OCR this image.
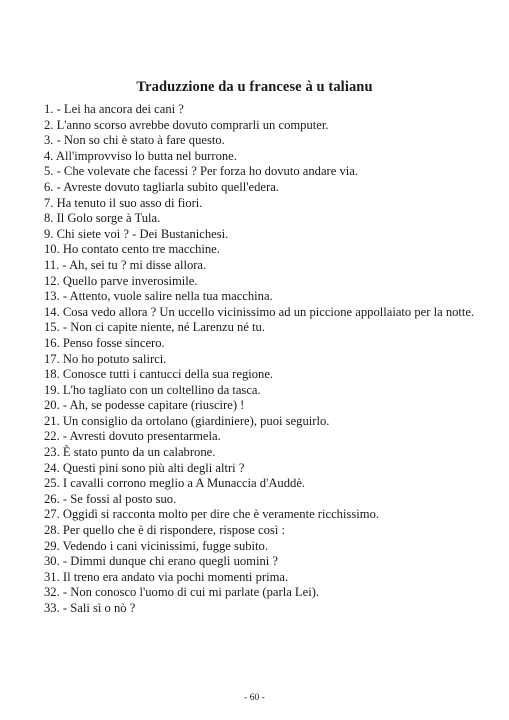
Traduzzione da u francese à u talianu
1. - Lei ha ancora dei cani ?
2. L'anno scorso avrebbe dovuto comprarli un computer.
3. - Non so chi è stato à fare questo.
4. All'improvviso lo butta nel burrone.
5. - Che volevate che facessi ? Per forza ho dovuto andare via.
6. - Avreste dovuto tagliarla subito quell'edera.
7. Ha tenuto il suo asso di fiori.
8. Il Golo sorge à Tula.
9. Chi siete voi ? - Dei Bustanichesi.
10. Ho contato cento tre macchine.
11. - Ah, sei tu ? mi disse allora.
12. Quello parve inverosimile.
13. - Attento, vuole salire nella tua macchina.
14. Cosa vedo allora ? Un uccello vicinissimo ad un piccione appollaiato per la notte.
15. - Non ci capite niente, né Larenzu né tu.
16. Penso fosse sincero.
17. No ho potuto salirci.
18. Conosce tutti i cantucci della sua regione.
19. L'ho tagliato con un coltellino da tasca.
20. - Ah, se podesse capitare (riuscire) !
21. Un consiglio da ortolano (giardiniere), puoi seguirlo.
22. - Avresti dovuto presentarmela.
23. È stato punto da un calabrone.
24. Questi pini sono più alti degli altri ?
25. I cavalli corrono meglio a A Munaccia d'Auddè.
26. - Se fossi al posto suo.
27. Oggidì si racconta molto per dire che è veramente ricchissimo.
28. Per quello che è di rispondere, rispose così :
29. Vedendo i cani vicinissimi, fugge subito.
30. - Dimmi dunque chi erano quegli uomini ?
31. Il treno era andato via pochi momenti prima.
32. - Non conosco l'uomo di cui mi parlate (parla Lei).
33. - Sali sì o nò ?
- 60 -
